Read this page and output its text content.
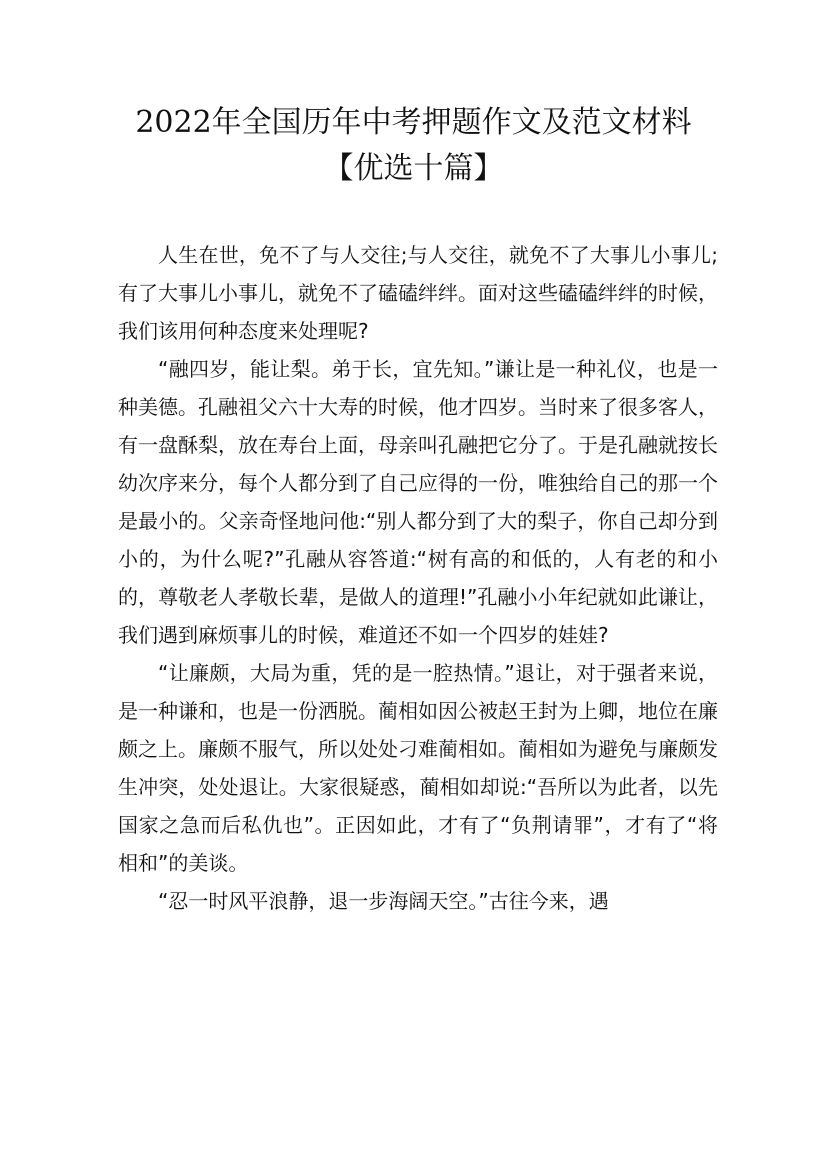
2022年全国历年中考押题作文及范文材料
【优选十篇】

人生在世，免不了与人交往;与人交往，就免不了大事儿小事儿;有了大事儿小事儿，就免不了磕磕绊绊。面对这些磕磕绊绊的时候，我们该用何种态度来处理呢?

“融四岁，能让梨。弟于长，宜先知。”谦让是一种礼仪，也是一种美德。孔融祖父六十大寿的时候，他才四岁。当时来了很多客人，有一盘酥梨，放在寿台上面，母亲叫孔融把它分了。于是孔融就按长幼次序来分，每个人都分到了自己应得的一份，唯独给自己的那一个是最小的。父亲奇怪地问他:“别人都分到了大的梨子，你自己却分到小的，为什么呢?”孔融从容答道:“树有高的和低的，人有老的和小的，尊敬老人孝敬长辈，是做人的道理!”孔融小小年纪就如此谦让，我们遇到麻烦事儿的时候，难道还不如一个四岁的娃娃?

“让廉颇，大局为重，凭的是一腔热情。”退让，对于强者来说，是一种谦和，也是一份洒脱。蔺相如因公被赵王封为上卿，地位在廉颇之上。廉颇不服气，所以处处刁难蔺相如。蔺相如为避免与廉颇发生冲突，处处退让。大家很疑惑，蔺相如却说:“吾所以为此者，以先国家之急而后私仇也”。正因如此，才有了“负荆请罪”，才有了“将相和”的美谈。

“忍一时风平浪静，退一步海阔天空。”古往今来，遇
